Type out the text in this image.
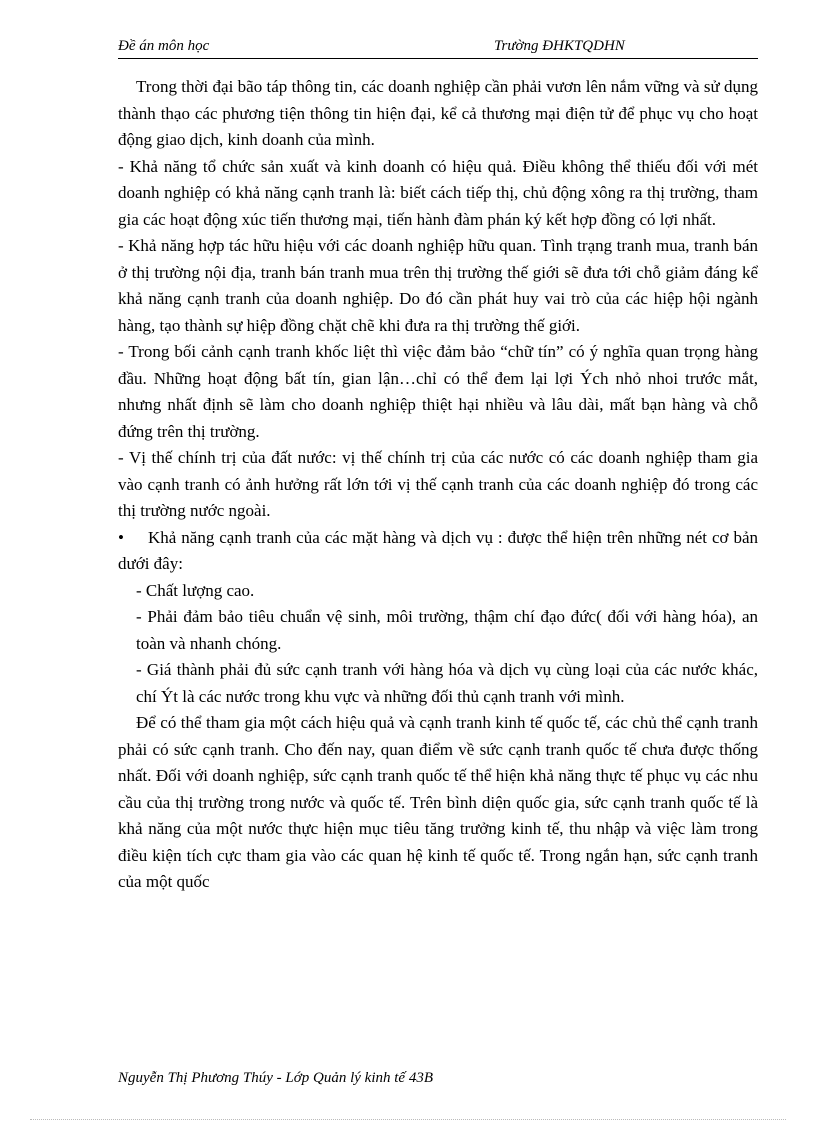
Đề án môn học	Trường ĐHKTQDHN

Trong thời đại bão táp thông tin, các doanh nghiệp cần phải vươn lên nắm vững và sử dụng thành thạo các phương tiện thông tin hiện đại, kể cả thương mại điện tử để phục vụ cho hoạt động giao dịch, kinh doanh của mình.

- Khả năng tổ chức sản xuất và kinh doanh có hiệu quả. Điều không thể thiếu đối với mét doanh nghiệp có khả năng cạnh tranh là: biết cách tiếp thị, chủ động xông ra thị trường, tham gia các hoạt động xúc tiến thương mại, tiến hành đàm phán ký kết hợp đồng có lợi nhất.

- Khả năng hợp tác hữu hiệu với các doanh nghiệp hữu quan. Tình trạng tranh mua, tranh bán ở thị trường nội địa, tranh bán tranh mua trên thị trường thế giới sẽ đưa tới chỗ giảm đáng kể khả năng cạnh tranh của doanh nghiệp. Do đó cần phát huy vai trò của các hiệp hội ngành hàng, tạo thành sự hiệp đồng chặt chẽ khi đưa ra thị trường thế giới.

- Trong bối cảnh cạnh tranh khốc liệt thì việc đảm bảo “chữ tín” có ý nghĩa quan trọng hàng đầu. Những hoạt động bất tín, gian lận…chỉ có thể đem lại lợi Ých nhỏ nhoi trước mắt, nhưng nhất định sẽ làm cho doanh nghiệp thiệt hại nhiều và lâu dài, mất bạn hàng và chỗ đứng trên thị trường.

- Vị thế chính trị của đất nước: vị thế chính trị của các nước có các doanh nghiệp tham gia vào cạnh tranh có ảnh hưởng rất lớn tới vị thế cạnh tranh của các doanh nghiệp đó trong các thị trường nước ngoài.

• Khả năng cạnh tranh của các mặt hàng và dịch vụ : được thể hiện trên những nét cơ bản dưới đây:

- Chất lượng cao.

- Phải đảm bảo tiêu chuẩn vệ sinh, môi trường, thậm chí đạo đức( đối với hàng hóa), an toàn và nhanh chóng.

- Giá thành phải đủ sức cạnh tranh với hàng hóa và dịch vụ cùng loại của các nước khác, chí Ýt là các nước trong khu vực và những đối thủ cạnh tranh với mình.

Để có thể tham gia một cách hiệu quả và cạnh tranh kinh tế quốc tế, các chủ thể cạnh tranh phải có sức cạnh tranh. Cho đến nay, quan điểm về sức cạnh tranh quốc tế chưa được thống nhất. Đối với doanh nghiệp, sức cạnh tranh quốc tế thể hiện khả năng thực tế phục vụ các nhu cầu của thị trường trong nước và quốc tế. Trên bình diện quốc gia, sức cạnh tranh quốc tế là khả năng của một nước thực hiện mục tiêu tăng trưởng kinh tế, thu nhập và việc làm trong điều kiện tích cực tham gia vào các quan hệ kinh tế quốc tế. Trong ngắn hạn, sức cạnh tranh của một quốc

Nguyễn Thị Phương Thúy - Lớp Quản lý kinh tế 43B
